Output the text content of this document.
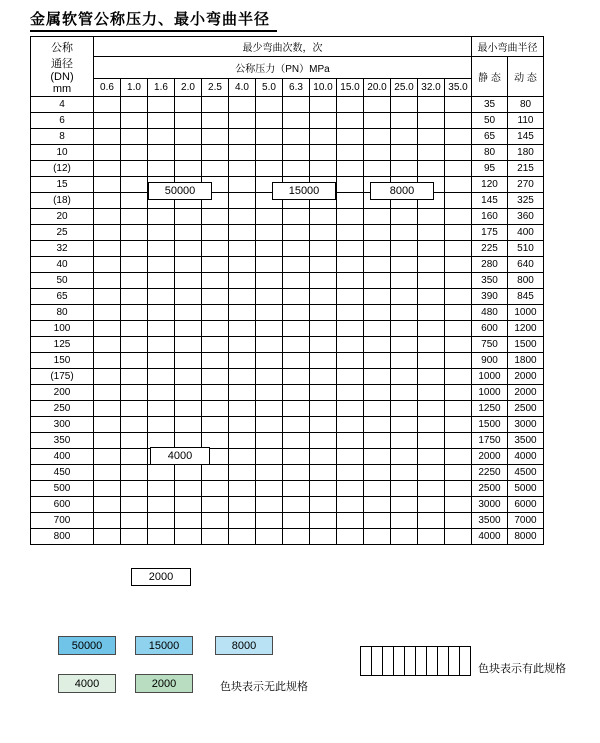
金属软管公称压力、最小弯曲半径
公称
通径
(DN)
mm	最少弯曲次数，次														最小弯曲半径	
	公称压力（PN）MPa														静 态	动 态
	0.6	1.0	1.6	2.0	2.5	4.0	5.0	6.3	10.0	15.0	20.0	25.0	32.0	35.0		
4															35	80
6															50	110
8															65	145
10															80	180
(12)															95	215
15															120	270
(18)															145	325
20															160	360
25															175	400
32															225	510
40															280	640
50															350	800
65															390	845
80															480	1000
100															600	1200
125															750	1500
150															900	1800
(175)															1000	2000
200															1000	2000
250															1250	2500
300															1500	3000
350															1750	3500
400															2000	4000
450															2250	4500
500															2500	5000
600															3000	6000
700															3500	7000
800															4000	8000
50000	15000	8000
4000
2000
50000	15000	8000
4000	2000	色块表示无此规格

色块表示有此规格
